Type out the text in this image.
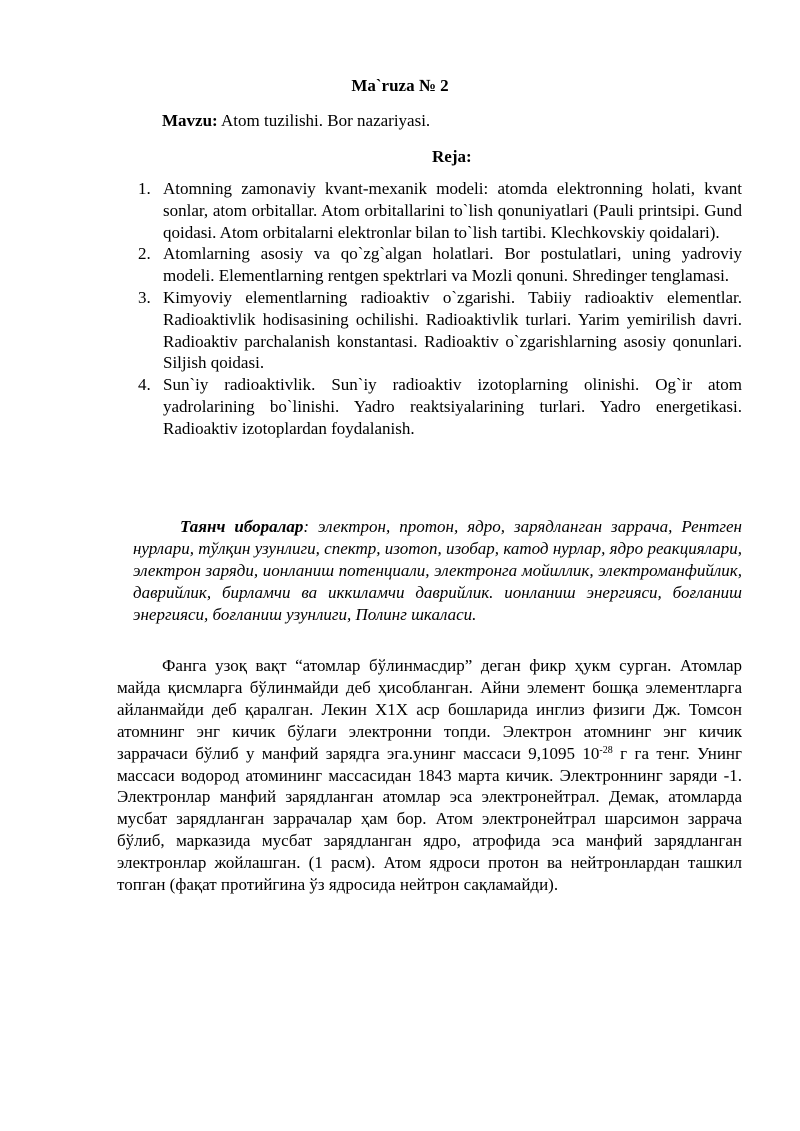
Ma`ruza № 2
Mavzu: Atom tuzilishi. Bor nazariyasi.
Reja:
1. Atomning zamonaviy kvant-mexanik modeli: atomda elektronning holati, kvant sonlar, atom orbitallar. Atom orbitallarini to`lish qonuniyatlari (Pauli printsipi. Gund qoidasi. Atom orbitalarni elektronlar bilan to`lish tartibi. Klechkovskiy qoidalari).
2. Atomlarning asosiy va qo`zg`algan holatlari. Bor postulatlari, uning yadroviy modeli. Elementlarning rentgen spektrlari va Mozli qonuni. Shredinger tenglamasi.
3. Kimyoviy elementlarning radioaktiv o`zgarishi. Tabiiy radioaktiv elementlar. Radioaktivlik hodisasining ochilishi. Radioaktivlik turlari. Yarim yemirilish davri. Radioaktiv parchalanish konstantasi. Radioaktiv o`zgarishlarning asosiy qonunlari. Siljish qoidasi.
4. Sun`iy radioaktivlik. Sun`iy radioaktiv izotoplarning olinishi. Og`ir atom yadrolarining bo`linishi. Yadro reaktsiyalarining turlari. Yadro energetikasi. Radioaktiv izotoplardan foydalanish.

Таянч иборалар: электрон, протон, ядро, зарядланган заррача, Рентген нурлари, тўлқин узунлиги, спектр, изотоп, изобар, катод нурлар, ядро реакциялари, электрон заряди, ионланиш потенциали, электронга мойиллик, электроманфийлик, даврийлик, бирламчи ва иккиламчи даврийлик. ионланиш энергияси, боғланиш энергияси, боғланиш узунлиги, Полинг шкаласи.

Фанга узоқ вақт “атомлар бўлинмасдир” деган фикр ҳукм сурган. Атомлар майда қисмларга бўлинмайди деб ҳисобланган. Айни элемент бошқа элементларга айланмайди деб қаралган. Лекин X1X аср бошларида инглиз физиги Дж. Томсон атомнинг энг кичик бўлаги электронни топди. Электрон атомнинг энг кичик заррачаси бўлиб у манфий зарядга эга.унинг массаси 9,1095 $10^{-28}$ г га тенг. Унинг массаси водород атомининг массасидан 1843 марта кичик. Электроннинг заряди -1. Электронлар манфий зарядланган атомлар эса электронейтрал. Демак, атомларда мусбат зарядланган заррачалар ҳам бор. Атом электронейтрал шарсимон заррача бўлиб, марказида мусбат зарядланган ядро, атрофида эса манфий зарядланган электронлар жойлашган. (1 расм). Атом ядроси протон ва нейтронлардан ташкил топган (фақат протийгина ўз ядросида нейтрон сақламайди).
